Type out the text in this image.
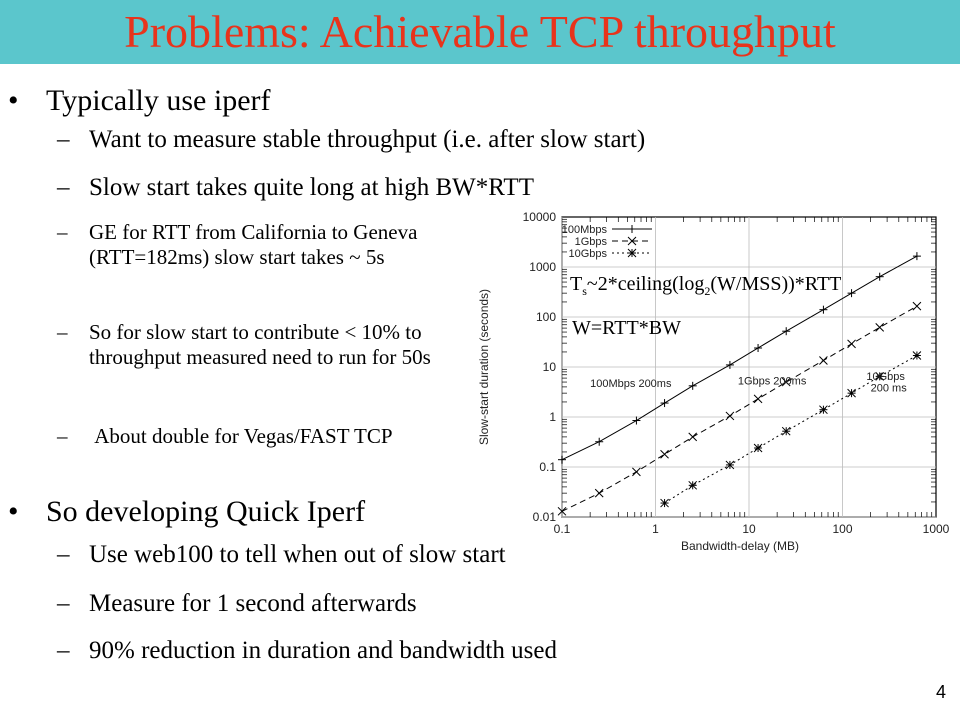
Problems: Achievable TCP throughput
• Typically use iperf
– Want to measure stable throughput (i.e. after slow start)
– Slow start takes quite long at high BW*RTT
– GE for RTT from California to Geneva (RTT=182ms) slow start takes ~ 5s
– So for slow start to contribute < 10% to throughput measured need to run for 50s
– About double for Vegas/FAST TCP
• So developing Quick Iperf
– Use web100 to tell when out of slow start
– Measure for 1 second afterwards
– 90% reduction in duration and bandwidth used
0.1	1	10	100	1000
0.01
0.1
1
10
100
1000
10000
100Mbps
1Gbps
10Gbps
100Mbps 200ms	1Gbps 200ms	10Gbps
200 ms
Bandwidth-delay (MB)
Slow-start duration (seconds)
$T_s\sim 2*ceiling(\log_2(W/MSS))*RTT$
W=RTT*BW
4
